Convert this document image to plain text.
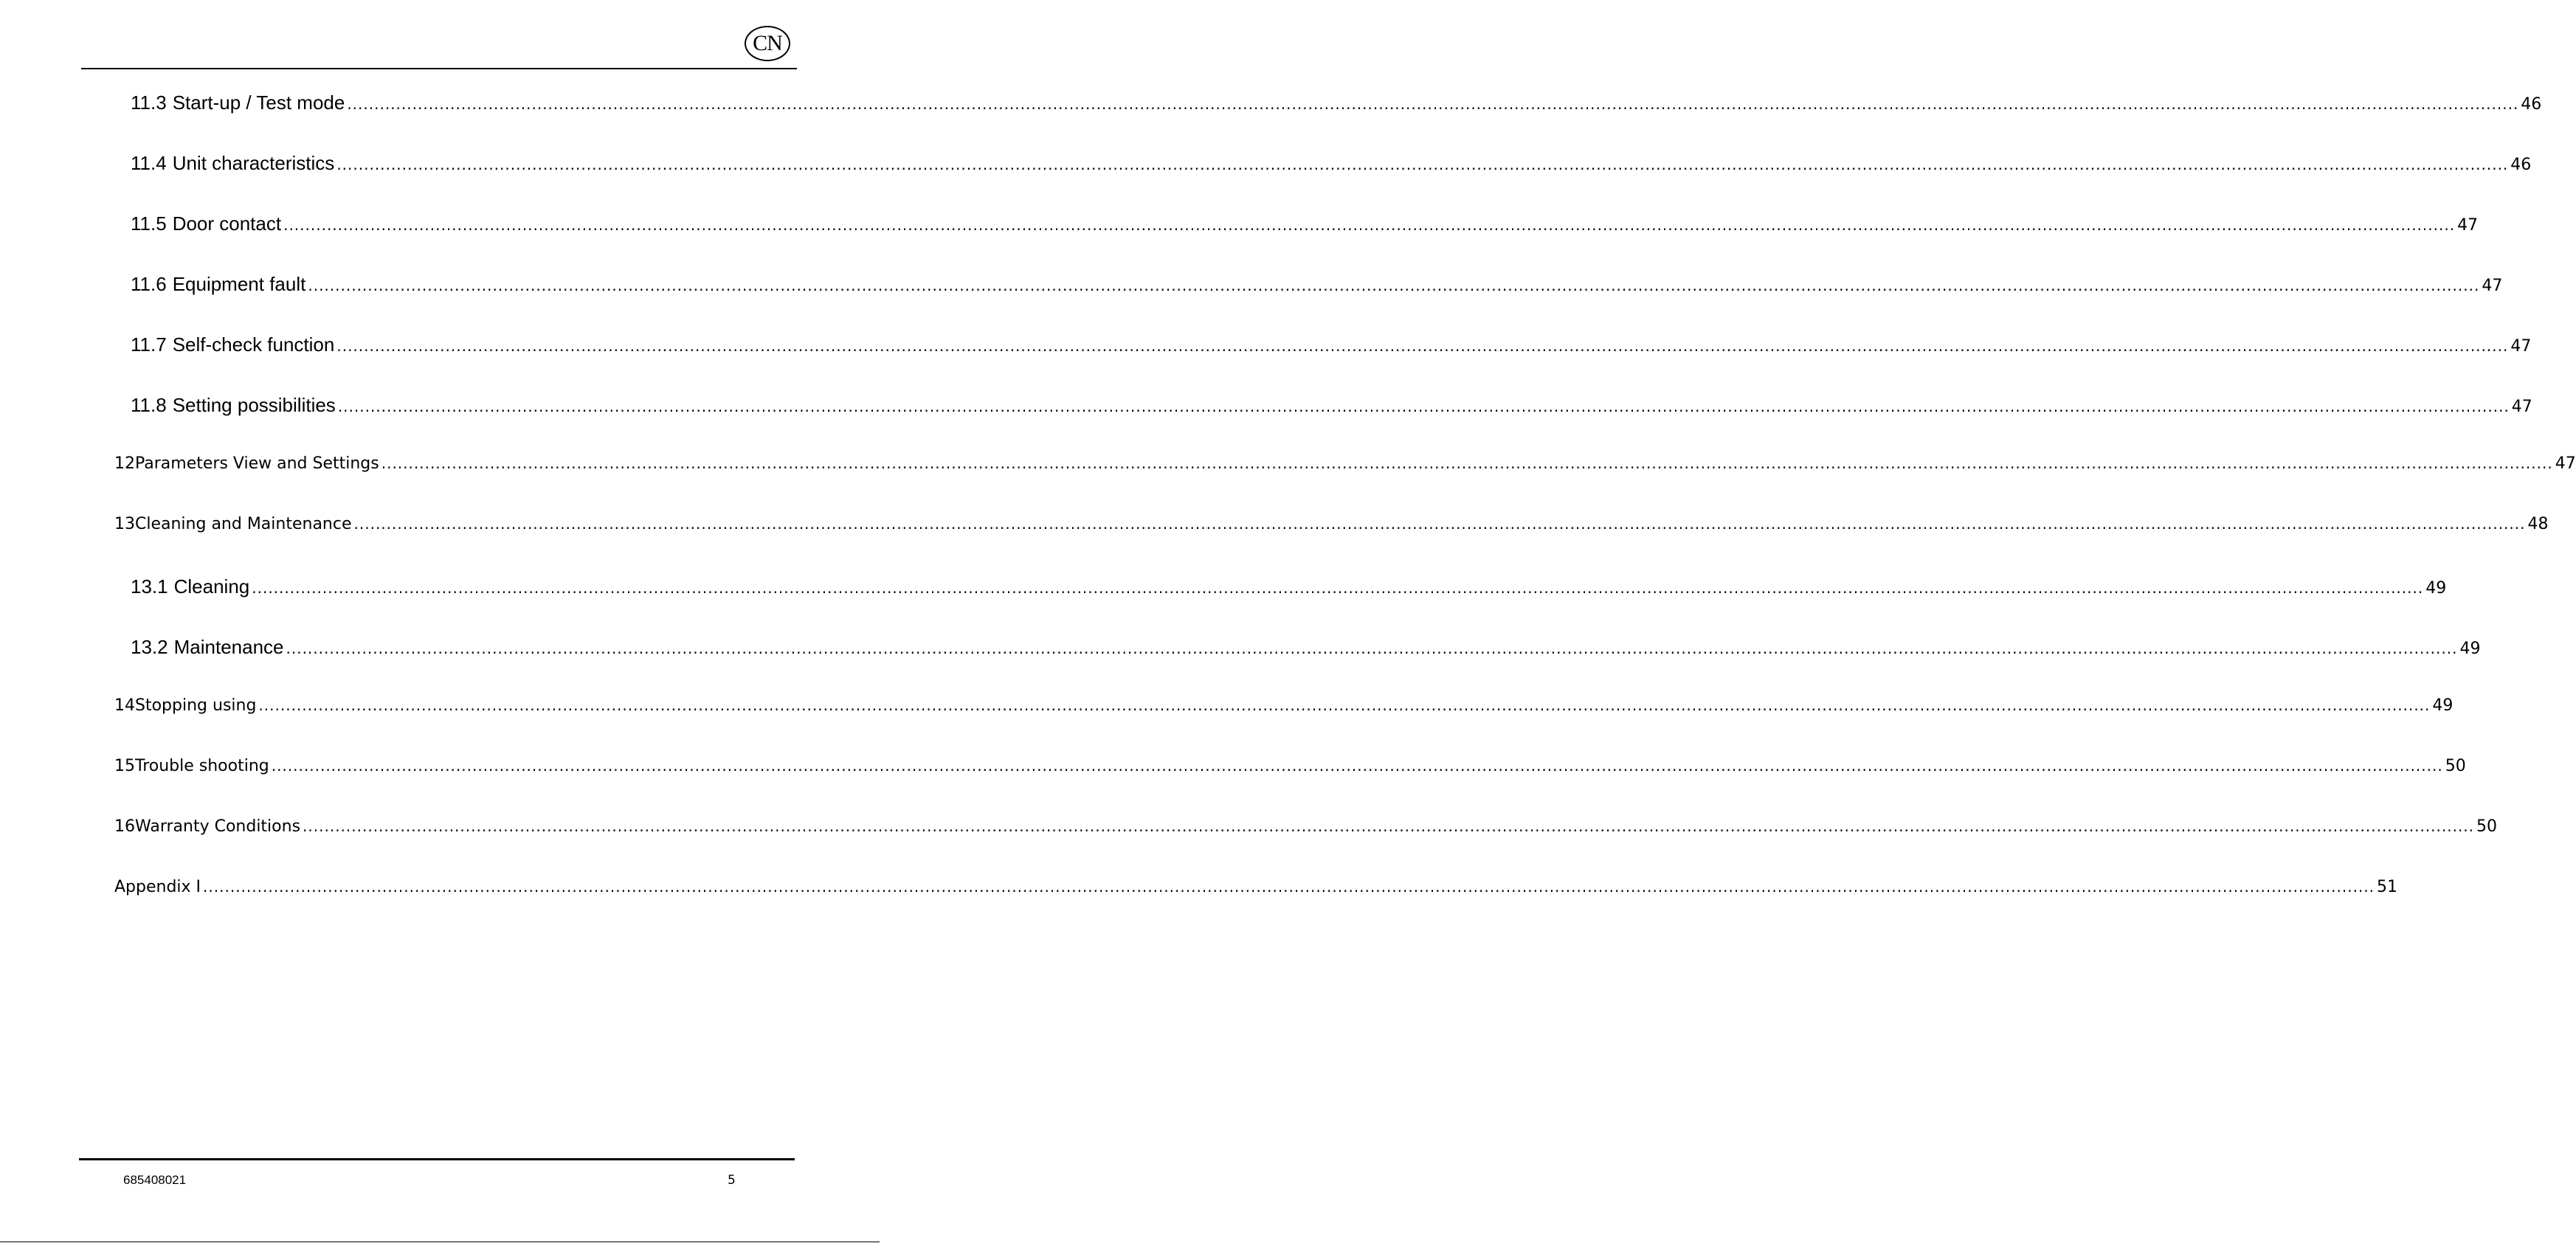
CN
11.3 Start-up / Test mode ................................................................................................................................................................................................................................................................................................................................................................................................................ 46
11.4 Unit characteristics ................................................................................................................................................................................................................................................................................................................................................................................................................ 46
11.5 Door contact ................................................................................................................................................................................................................................................................................................................................................................................................................ 47
11.6 Equipment fault ................................................................................................................................................................................................................................................................................................................................................................................................................ 47
11.7 Self-check function ................................................................................................................................................................................................................................................................................................................................................................................................................ 47
11.8 Setting possibilities ................................................................................................................................................................................................................................................................................................................................................................................................................ 47
12 Parameters View and Settings ................................................................................................................................................................................................................................................................................................................................................................................................................ 47
13 Cleaning and Maintenance ................................................................................................................................................................................................................................................................................................................................................................................................................ 48
13.1 Cleaning ................................................................................................................................................................................................................................................................................................................................................................................................................ 49
13.2 Maintenance ................................................................................................................................................................................................................................................................................................................................................................................................................ 49
14 Stopping using ................................................................................................................................................................................................................................................................................................................................................................................................................ 49
15 Trouble shooting ................................................................................................................................................................................................................................................................................................................................................................................................................ 50
16 Warranty Conditions ................................................................................................................................................................................................................................................................................................................................................................................................................ 50
Appendix I ................................................................................................................................................................................................................................................................................................................................................................................................................ 51
685408021	5
